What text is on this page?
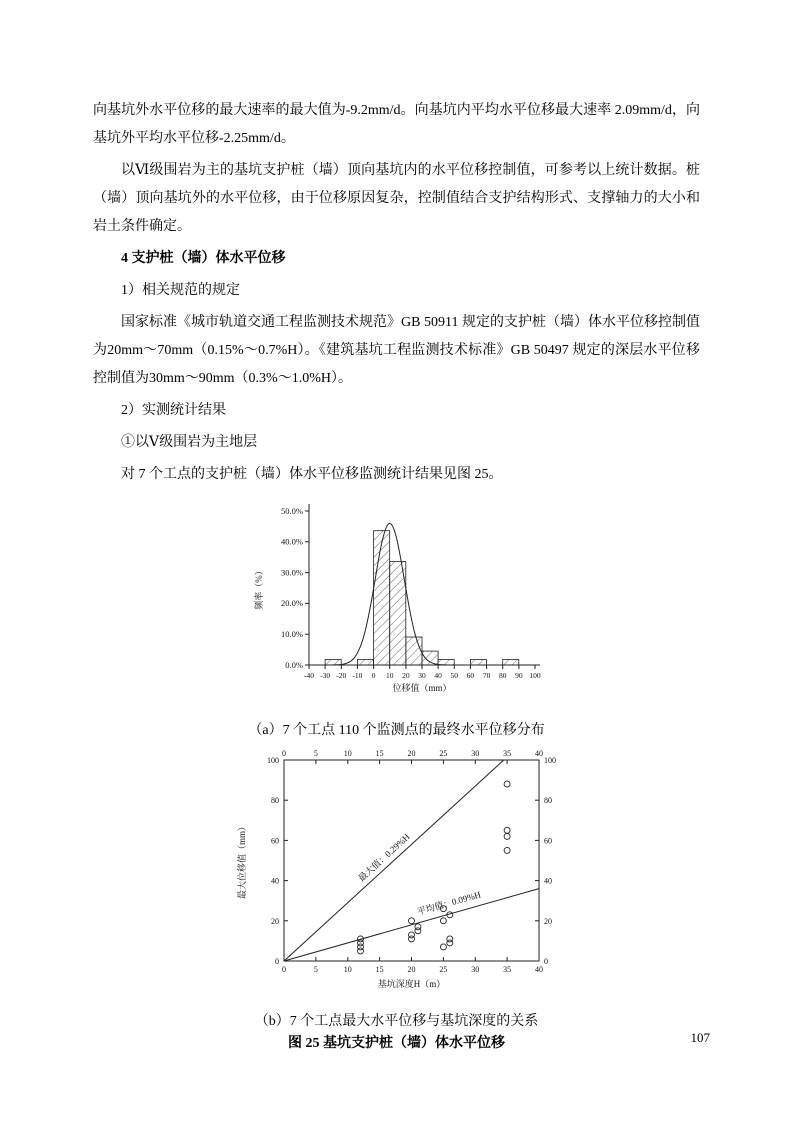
向基坑外水平位移的最大速率的最大值为-9.2mm/d。向基坑内平均水平位移最大速率 2.09mm/d，向基坑外平均水平位移-2.25mm/d。

以Ⅵ级围岩为主的基坑支护桩（墙）顶向基坑内的水平位移控制值，可参考以上统计数据。桩（墙）顶向基坑外的水平位移，由于位移原因复杂，控制值结合支护结构形式、支撑轴力的大小和岩土条件确定。

4 支护桩（墙）体水平位移

1）相关规范的规定

国家标准《城市轨道交通工程监测技术规范》GB 50911 规定的支护桩（墙）体水平位移控制值为20mm～70mm（0.15%～0.7%H）。《建筑基坑工程监测技术标准》GB 50497 规定的深层水平位移控制值为30mm～90mm（0.3%～1.0%H）。

2）实测统计结果

①以Ⅴ级围岩为主地层

对 7 个工点的支护桩（墙）体水平位移监测统计结果见图 25。

0.0%
10.0%
20.0%
30.0%
40.0%
50.0%
-40 -30 -20 -10 0 10 20 30 40 50 60 70 80 90 100
位移值（mm）
频率（%）

（a）7 个工点 110 个监测点的最终水平位移分布

0
0
5
5
10
10
15
15
20
20
25
25
30
30
35
35
40
40
0	0
20	20
40	40
60	60
80	80
100	100
最大值：0.29%H
平均值：0.09%H
基坑深度H（m）
最大位移值（mm）

（b）7 个工点最大水平位移与基坑深度的关系

图 25 基坑支护桩（墙）体水平位移	107
